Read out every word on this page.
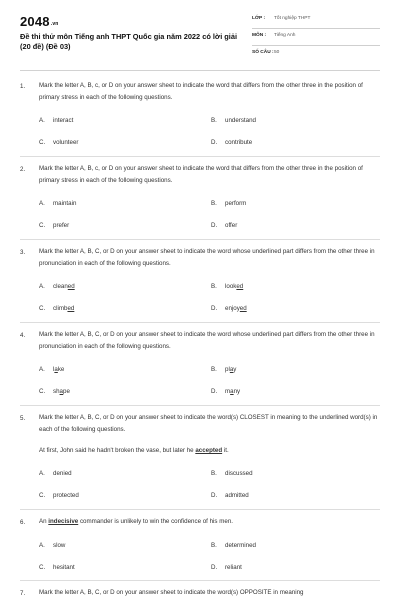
$2048^{.vn}$
Đề thi thử môn Tiếng anh THPT Quốc gia năm 2022 có lời giải (20 đề) (Đề 03)
LỚP : Tốt nghiệp THPT
MÔN : Tiếng Anh
SỐ CÂU : 50
1. Mark the letter A, B, c, or D on your answer sheet to indicate the word that differs from the other three in the position of primary stress in each of the following questions.
A. interact	B. understand
C. volunteer	D. contribute
2. Mark the letter A, B, c, or D on your answer sheet to indicate the word that differs from the other three in the position of primary stress in each of the following questions.
A. maintain	B. perform
C. prefer	D. offer
3. Mark the letter A, B, C, or D on your answer sheet to indicate the word whose underlined part differs from the other three in pronunciation in each of the following questions.
A. cleaned	B. looked
C. climbed	D. enjoyed
4. Mark the letter A, B, C, or D on your answer sheet to indicate the word whose underlined part differs from the other three in pronunciation in each of the following questions.
A. lake	B. play
C. shape	D. many
5. Mark the letter A, B, C, or D on your answer sheet to indicate the word(s) CLOSEST in meaning to the underlined word(s) in each of the following questions.
At first, John said he hadn't broken the vase, but later he accepted it.
A. denied	B. discussed
C. protected	D. admitted
6. An indecisive commander is unlikely to win the confidence of his men.
A. slow	B. determined
C. hesitant	D. reliant
7. Mark the letter A, B, C, or D on your answer sheet to indicate the word(s) OPPOSITE in meaning
